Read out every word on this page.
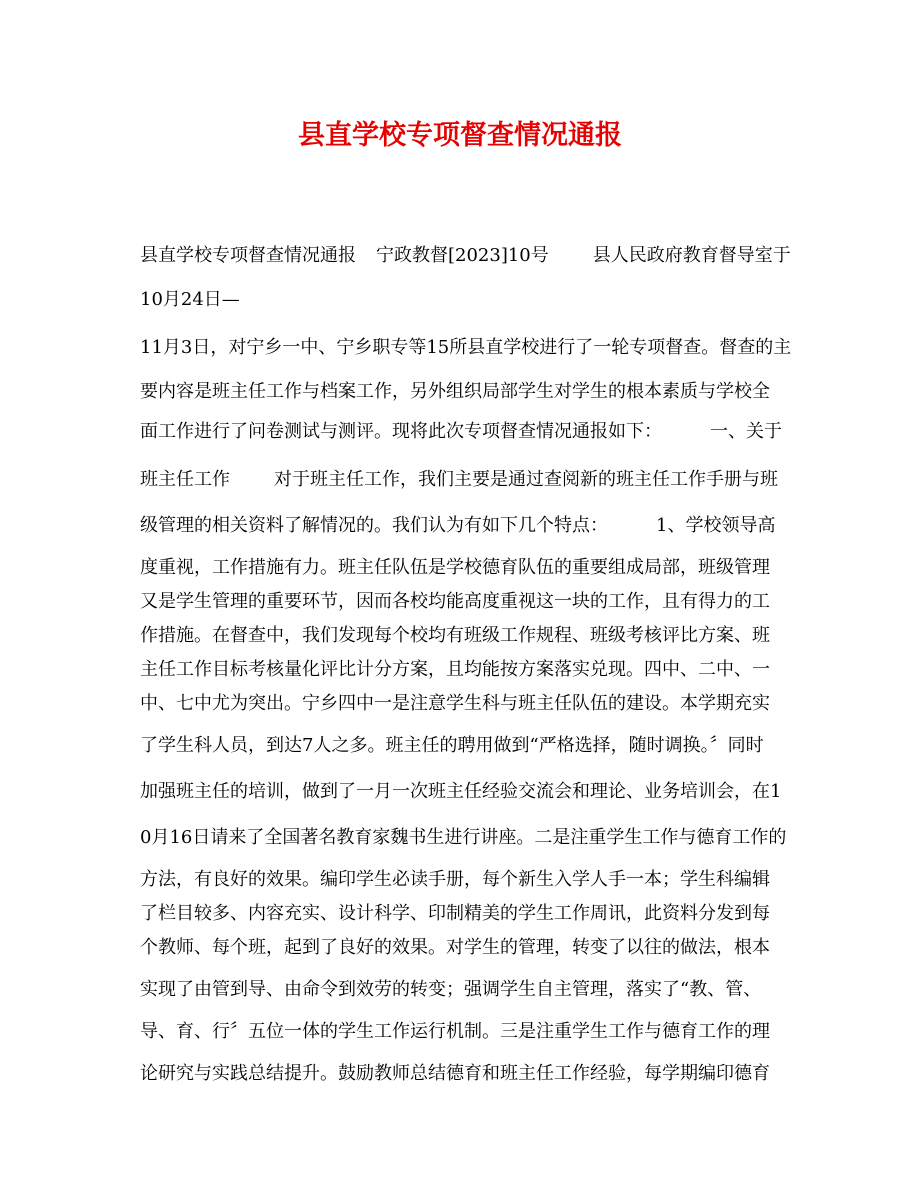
县直学校专项督查情况通报
县直学校专项督查情况通报 宁政教督[2023]10号 县人民政府教育督导室于
10月24日—
11月3日，对宁乡一中、宁乡职专等15所县直学校进行了一轮专项督查。督查的主
要内容是班主任工作与档案工作，另外组织局部学生对学生的根本素质与学校全
面工作进行了问卷测试与测评。现将此次专项督查情况通报如下：	一、关于
班主任工作 对于班主任工作，我们主要是通过查阅新的班主任工作手册与班
级管理的相关资料了解情况的。我们认为有如下几个特点：	1、学校领导高
度重视，工作措施有力。班主任队伍是学校德育队伍的重要组成局部，班级管理
又是学生管理的重要环节，因而各校均能高度重视这一块的工作，且有得力的工
作措施。在督查中，我们发现每个校均有班级工作规程、班级考核评比方案、班
主任工作目标考核量化评比计分方案，且均能按方案落实兑现。四中、二中、一
中、七中尤为突出。宁乡四中一是注意学生科与班主任队伍的建设。本学期充实
了学生科人员，到达7人之多。班主任的聘用做到“严格选择，随时调换。〞同时
加强班主任的培训，做到了一月一次班主任经验交流会和理论、业务培训会，在1
0月16日请来了全国著名教育家魏书生进行讲座。二是注重学生工作与德育工作的
方法，有良好的效果。编印学生必读手册，每个新生入学人手一本；学生科编辑
了栏目较多、内容充实、设计科学、印制精美的学生工作周讯，此资料分发到每
个教师、每个班，起到了良好的效果。对学生的管理，转变了以往的做法，根本
实现了由管到导、由命令到效劳的转变；强调学生自主管理，落实了“教、管、
导、育、行〞五位一体的学生工作运行机制。三是注重学生工作与德育工作的理
论研究与实践总结提升。鼓励教师总结德育和班主任工作经验，每学期编印德育
